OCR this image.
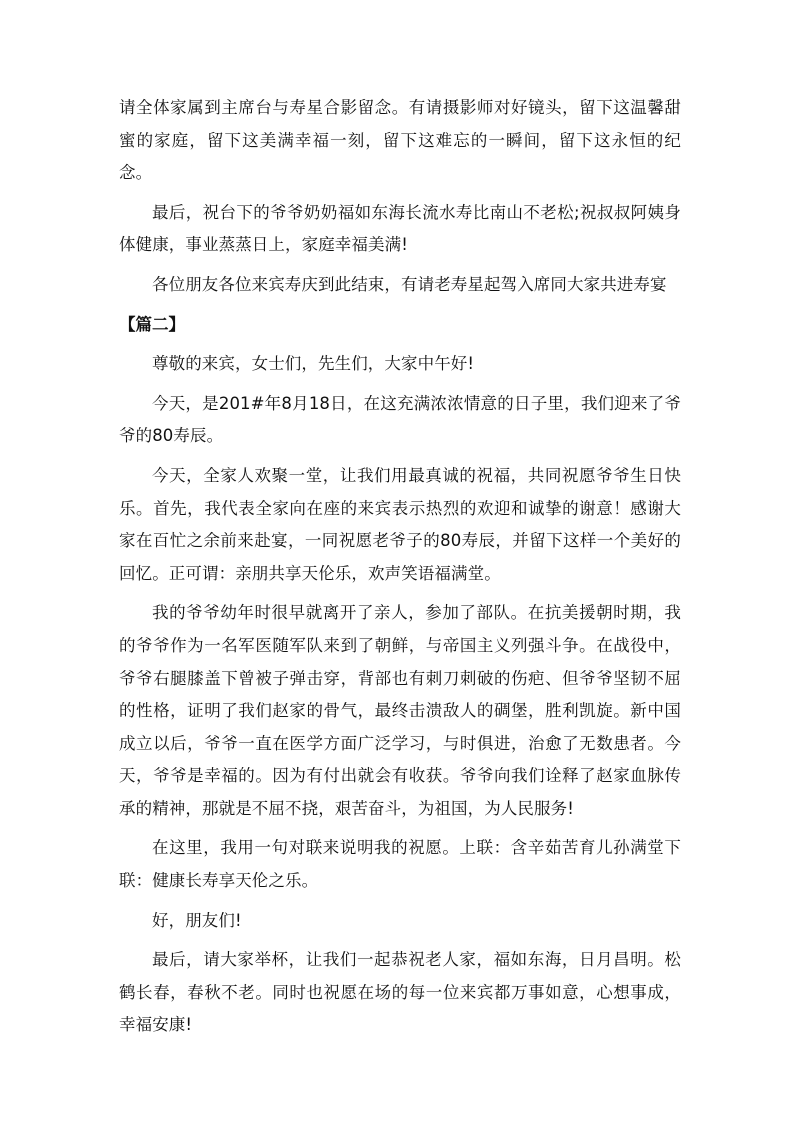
请全体家属到主席台与寿星合影留念。有请摄影师对好镜头，留下这温馨甜蜜的家庭，留下这美满幸福一刻，留下这难忘的一瞬间，留下这永恒的纪念。

最后，祝台下的爷爷奶奶福如东海长流水寿比南山不老松;祝叔叔阿姨身体健康，事业蒸蒸日上，家庭幸福美满!

各位朋友各位来宾寿庆到此结束，有请老寿星起驾入席同大家共进寿宴

【篇二】

尊敬的来宾，女士们，先生们，大家中午好!

今天，是201#年8月18日，在这充满浓浓情意的日子里，我们迎来了爷爷的80寿辰。

今天，全家人欢聚一堂，让我们用最真诚的祝福，共同祝愿爷爷生日快乐。首先，我代表全家向在座的来宾表示热烈的欢迎和诚挚的谢意！感谢大家在百忙之余前来赴宴，一同祝愿老爷子的80寿辰，并留下这样一个美好的回忆。正可谓：亲朋共享天伦乐，欢声笑语福满堂。

我的爷爷幼年时很早就离开了亲人，参加了部队。在抗美援朝时期，我的爷爷作为一名军医随军队来到了朝鲜，与帝国主义列强斗争。在战役中，爷爷右腿膝盖下曾被子弹击穿，背部也有刺刀刺破的伤疤、但爷爷坚韧不屈的性格，证明了我们赵家的骨气，最终击溃敌人的碉堡，胜利凯旋。新中国成立以后，爷爷一直在医学方面广泛学习，与时俱进，治愈了无数患者。今天，爷爷是幸福的。因为有付出就会有收获。爷爷向我们诠释了赵家血脉传承的精神，那就是不屈不挠，艰苦奋斗，为祖国，为人民服务!

在这里，我用一句对联来说明我的祝愿。上联：含辛茹苦育儿孙满堂下联：健康长寿享天伦之乐。

好，朋友们!

最后，请大家举杯，让我们一起恭祝老人家，福如东海，日月昌明。松鹤长春，春秋不老。同时也祝愿在场的每一位来宾都万事如意，心想事成，幸福安康!
